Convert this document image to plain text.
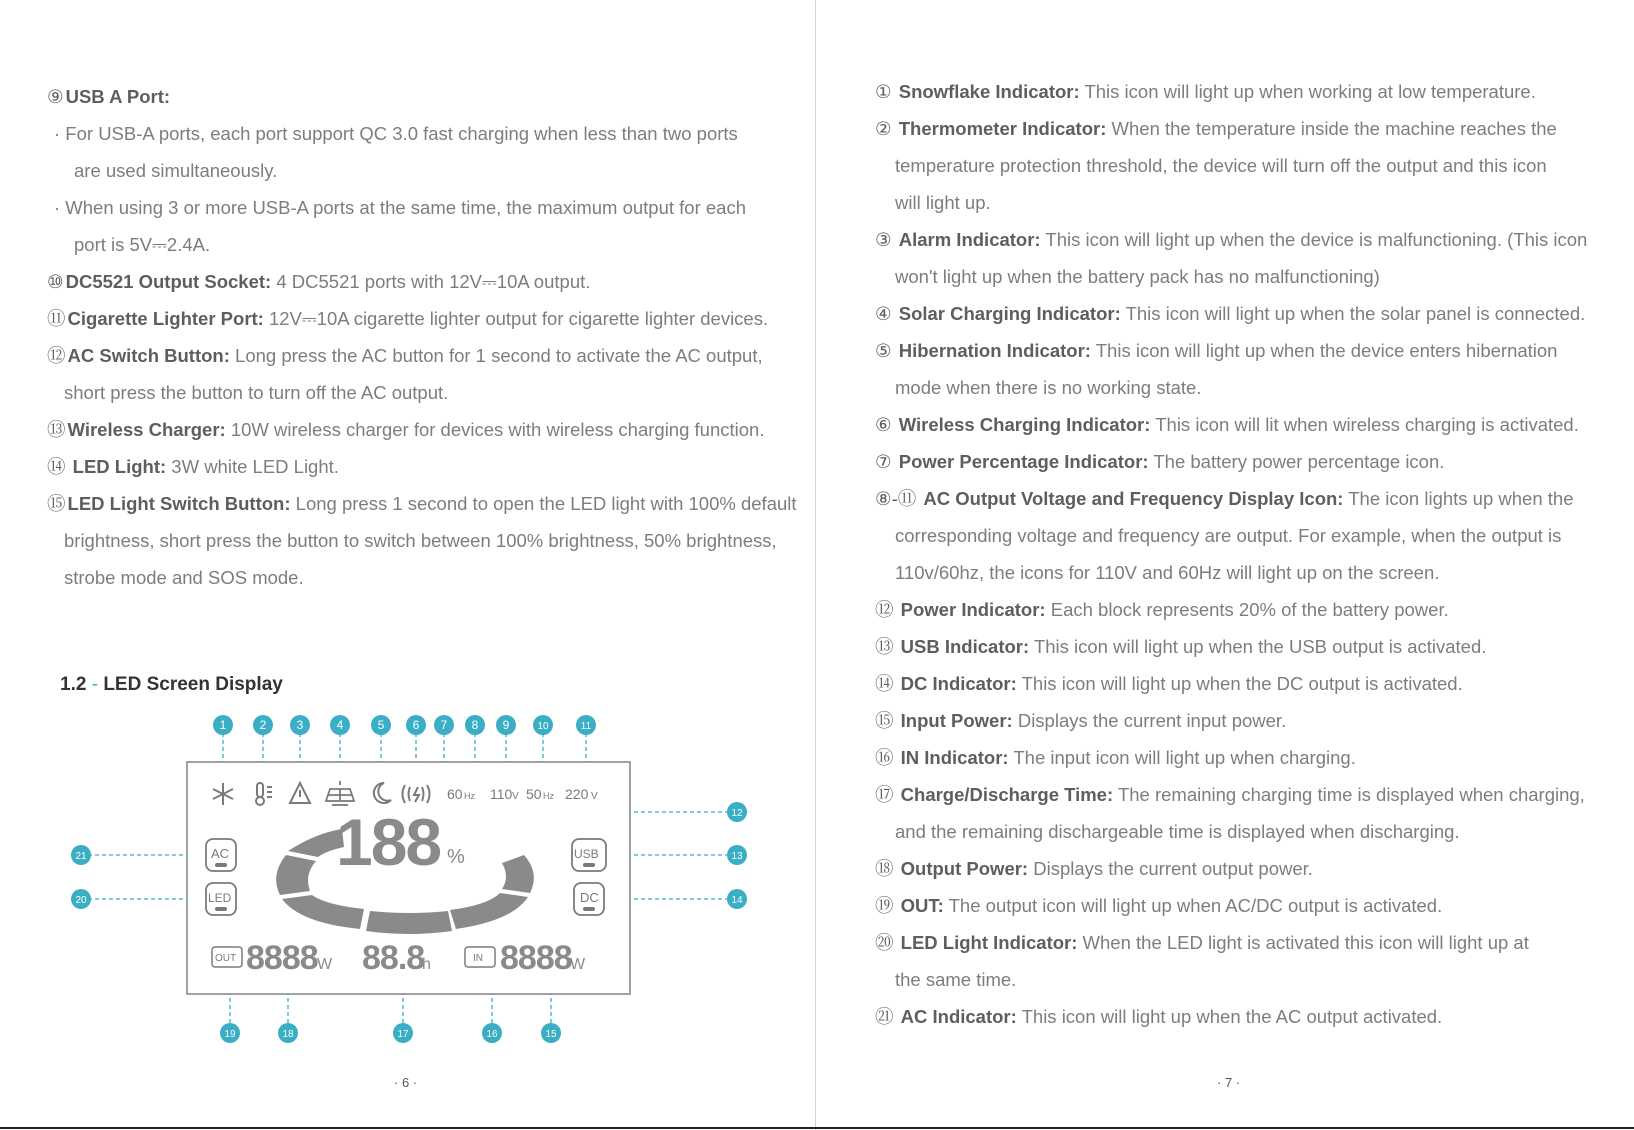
⑨ USB A Port:

· For USB-A ports, each port support QC 3.0 fast charging when less than two ports

are used simultaneously.

· When using 3 or more USB-A ports at the same time, the maximum output for each

port is 5V⎓2.4A.

⑩ DC5521 Output Socket: 4 DC5521 ports with 12V⎓10A output.

⑪ Cigarette Lighter Port: 12V⎓10A cigarette lighter output for cigarette lighter devices.

⑫ AC Switch Button: Long press the AC button for 1 second to activate the AC output,

short press the button to turn off the AC output.

⑬ Wireless Charger: 10W wireless charger for devices with wireless charging function.

⑭ LED Light: 3W white LED Light.

⑮ LED Light Switch Button: Long press 1 second to open the LED light with 100% default

brightness, short press the button to switch between 100% brightness, 50% brightness,

strobe mode and SOS mode.

1.2 - LED Screen Display
60 Hz 110 V 50 Hz 220 V
188 %
AC
LED
USB
DC
OUT 8888 W 88.8
h	IN 8888
W
1	2	3	4	5 6 7 8 9	10	11
12
13
14
21
20
19	18	17	16	15
· 6 ·

① Snowflake Indicator: This icon will light up when working at low temperature.

② Thermometer Indicator: When the temperature inside the machine reaches the

temperature protection threshold, the device will turn off the output and this icon

will light up.

③ Alarm Indicator: This icon will light up when the device is malfunctioning. (This icon

won't light up when the battery pack has no malfunctioning)

④ Solar Charging Indicator: This icon will light up when the solar panel is connected.

⑤ Hibernation Indicator: This icon will light up when the device enters hibernation

mode when there is no working state.

⑥ Wireless Charging Indicator: This icon will lit when wireless charging is activated.

⑦ Power Percentage Indicator: The battery power percentage icon.

⑧-⑪ AC Output Voltage and Frequency Display Icon: The icon lights up when the

corresponding voltage and frequency are output. For example, when the output is

110v/60hz, the icons for 110V and 60Hz will light up on the screen.

⑫ Power Indicator: Each block represents 20% of the battery power.

⑬ USB Indicator: This icon will light up when the USB output is activated.

⑭ DC Indicator: This icon will light up when the DC output is activated.

⑮ Input Power: Displays the current input power.

⑯ IN Indicator: The input icon will light up when charging.

⑰ Charge/Discharge Time: The remaining charging time is displayed when charging,

and the remaining dischargeable time is displayed when discharging.

⑱ Output Power: Displays the current output power.

⑲ OUT: The output icon will light up when AC/DC output is activated.

⑳ LED Light Indicator: When the LED light is activated this icon will light up at

the same time.

㉑ AC Indicator: This icon will light up when the AC output activated.

· 7 ·
